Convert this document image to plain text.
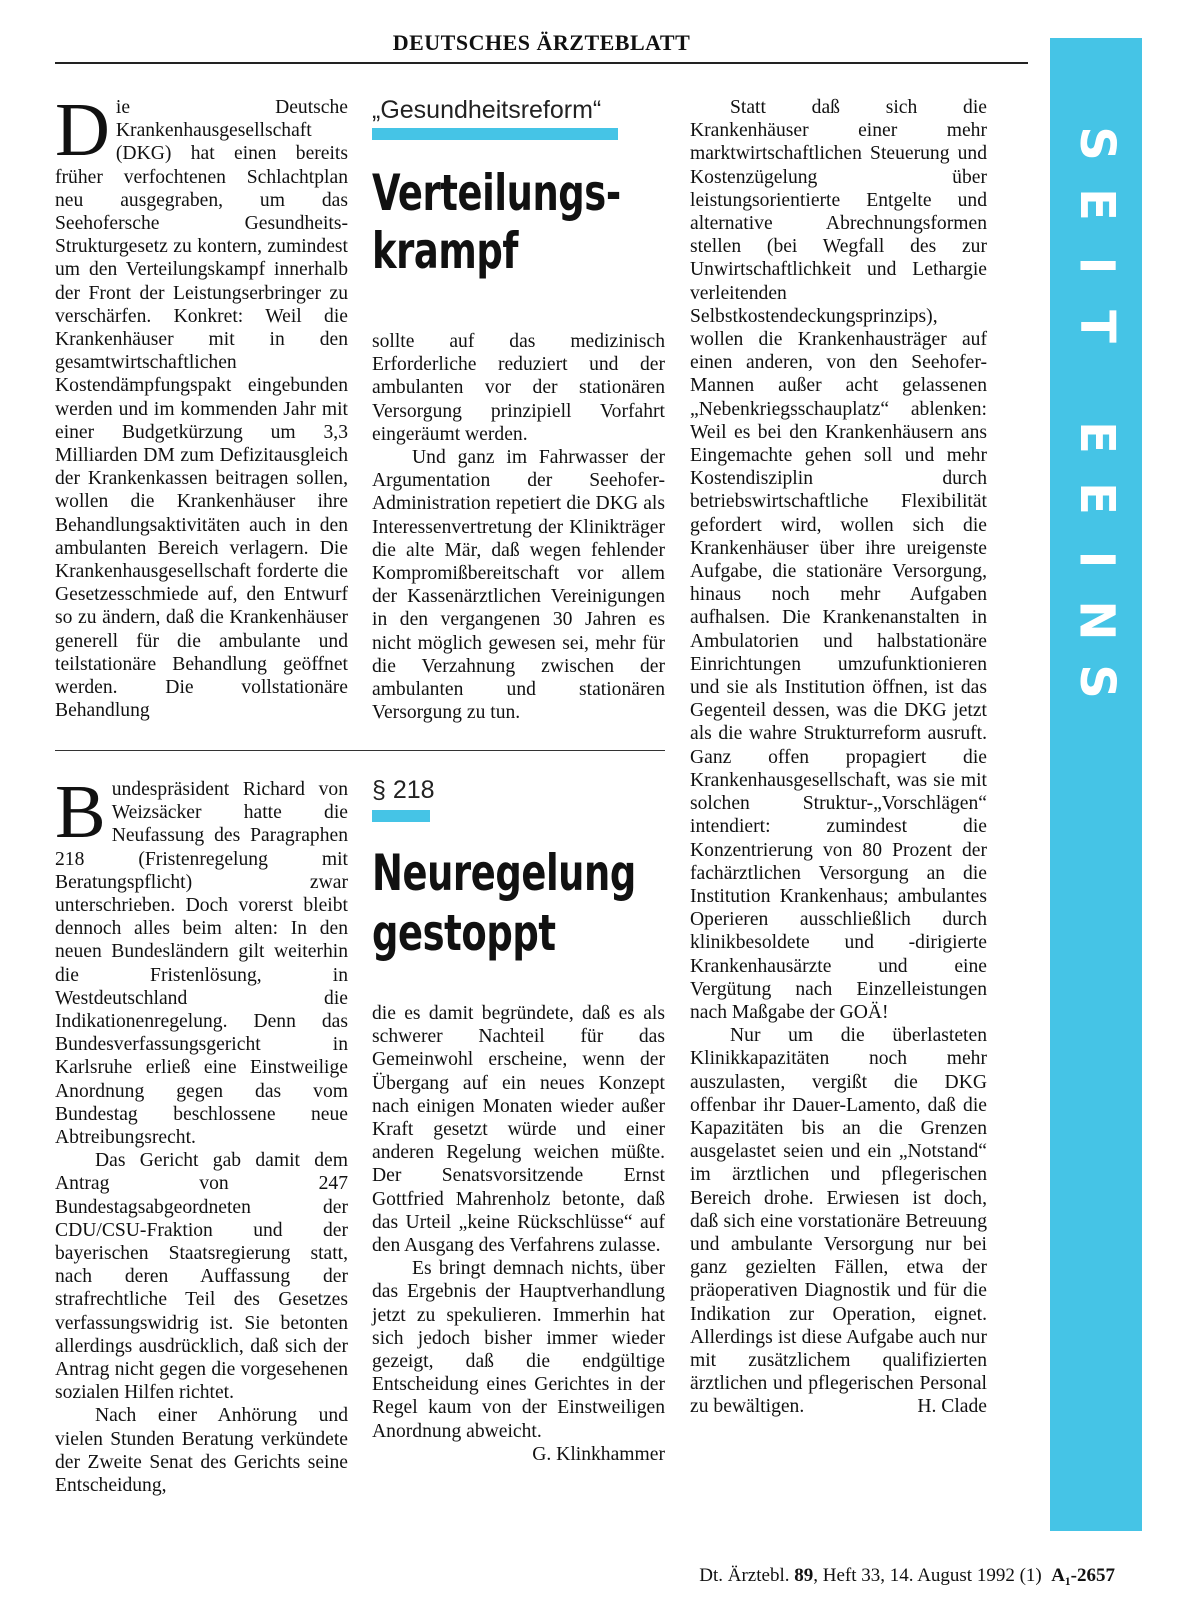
DEUTSCHES ÄRZTEBLATT
S
E
I
T
E
E
I
N
S

Die Deutsche Krankenhausgesellschaft (DKG) hat einen bereits früher verfochtenen Schlachtplan neu ausgegraben, um das Seehofersche Gesundheits-Strukturgesetz zu kontern, zumindest um den Verteilungskampf innerhalb der Front der Leistungserbringer zu verschärfen. Konkret: Weil die Krankenhäuser mit in den gesamtwirtschaftlichen Kostendämpfungspakt eingebunden werden und im kommenden Jahr mit einer Budgetkürzung um 3,3 Milliarden DM zum Defizitausgleich der Krankenkassen beitragen sollen, wollen die Krankenhäuser ihre Behandlungsaktivitäten auch in den ambulanten Bereich verlagern. Die Krankenhausgesellschaft forderte die Gesetzesschmiede auf, den Entwurf so zu ändern, daß die Krankenhäuser generell für die ambulante und teilstationäre Behandlung geöffnet werden. Die vollstationäre Behandlung

„Gesundheitsreform“
Verteilungs-
krampf

sollte auf das medizinisch Erforderliche reduziert und der ambulanten vor der stationären Versorgung prinzipiell Vorfahrt eingeräumt werden.

Und ganz im Fahrwasser der Argumentation der Seehofer-Administration repetiert die DKG als Interessenvertretung der Klinikträger die alte Mär, daß wegen fehlender Kompromißbereitschaft vor allem der Kassenärztlichen Vereinigungen in den vergangenen 30 Jahren es nicht möglich gewesen sei, mehr für die Verzahnung zwischen der ambulanten und stationären Versorgung zu tun.

Statt daß sich die Krankenhäuser einer mehr marktwirtschaftlichen Steuerung und Kostenzügelung über leistungsorientierte Entgelte und alternative Abrechnungsformen stellen (bei Wegfall des zur Unwirtschaftlichkeit und Lethargie verleitenden Selbstkostendeckungsprinzips), wollen die Krankenhausträger auf einen anderen, von den Seehofer-Mannen außer acht gelassenen „Nebenkriegsschauplatz“ ablenken: Weil es bei den Krankenhäusern ans Eingemachte gehen soll und mehr Kostendisziplin durch betriebswirtschaftliche Flexibilität gefordert wird, wollen sich die Krankenhäuser über ihre ureigenste Aufgabe, die stationäre Versorgung, hinaus noch mehr Aufgaben aufhalsen. Die Krankenanstalten in Ambulatorien und halbstationäre Einrichtungen umzufunktionieren und sie als Institution öffnen, ist das Gegenteil dessen, was die DKG jetzt als die wahre Strukturreform ausruft. Ganz offen propagiert die Krankenhausgesellschaft, was sie mit solchen Struktur-„Vorschlägen“ intendiert: zumindest die Konzentrierung von 80 Prozent der fachärztlichen Versorgung an die Institution Krankenhaus; ambulantes Operieren ausschließlich durch klinikbesoldete und -dirigierte Krankenhausärzte und eine Vergütung nach Einzelleistungen nach Maßgabe der GOÄ!

Nur um die überlasteten Klinikkapazitäten noch mehr auszulasten, vergißt die DKG offenbar ihr Dauer-Lamento, daß die Kapazitäten bis an die Grenzen ausgelastet seien und ein „Notstand“ im ärztlichen und pflegerischen Bereich drohe. Erwiesen ist doch, daß sich eine vorstationäre Betreuung und ambulante Versorgung nur bei ganz gezielten Fällen, etwa der präoperativen Diagnostik und für die Indikation zur Operation, eignet. Allerdings ist diese Aufgabe auch nur mit zusätzlichem qualifizierten ärztlichen und pflegerischen Personal zu bewältigen.	H. Clade

Bundespräsident Richard von Weizsäcker hatte die Neufassung des Paragraphen 218 (Fristenregelung mit Beratungspflicht) zwar unterschrieben. Doch vorerst bleibt dennoch alles beim alten: In den neuen Bundesländern gilt weiterhin die Fristenlösung, in Westdeutschland die Indikationenregelung. Denn das Bundesverfassungsgericht in Karlsruhe erließ eine Einstweilige Anordnung gegen das vom Bundestag beschlossene neue Abtreibungsrecht.

Das Gericht gab damit dem Antrag von 247 Bundestagsabgeordneten der CDU/CSU-Fraktion und der bayerischen Staatsregierung statt, nach deren Auffassung der strafrechtliche Teil des Gesetzes verfassungswidrig ist. Sie betonten allerdings ausdrücklich, daß sich der Antrag nicht gegen die vorgesehenen sozialen Hilfen richtet.

Nach einer Anhörung und vielen Stunden Beratung verkündete der Zweite Senat des Gerichts seine Entscheidung,

§ 218
Neuregelung
gestoppt

die es damit begründete, daß es als schwerer Nachteil für das Gemeinwohl erscheine, wenn der Übergang auf ein neues Konzept nach einigen Monaten wieder außer Kraft gesetzt würde und einer anderen Regelung weichen müßte. Der Senatsvorsitzende Ernst Gottfried Mahrenholz betonte, daß das Urteil „keine Rückschlüsse“ auf den Ausgang des Verfahrens zulasse.

Es bringt demnach nichts, über das Ergebnis der Hauptverhandlung jetzt zu spekulieren. Immerhin hat sich jedoch bisher immer wieder gezeigt, daß die endgültige Entscheidung eines Gerichtes in der Regel kaum von der Einstweiligen Anordnung abweicht.
G. Klinkhammer

Dt. Ärztebl. 89, Heft 33, 14. August 1992 (1) A₁-2657
